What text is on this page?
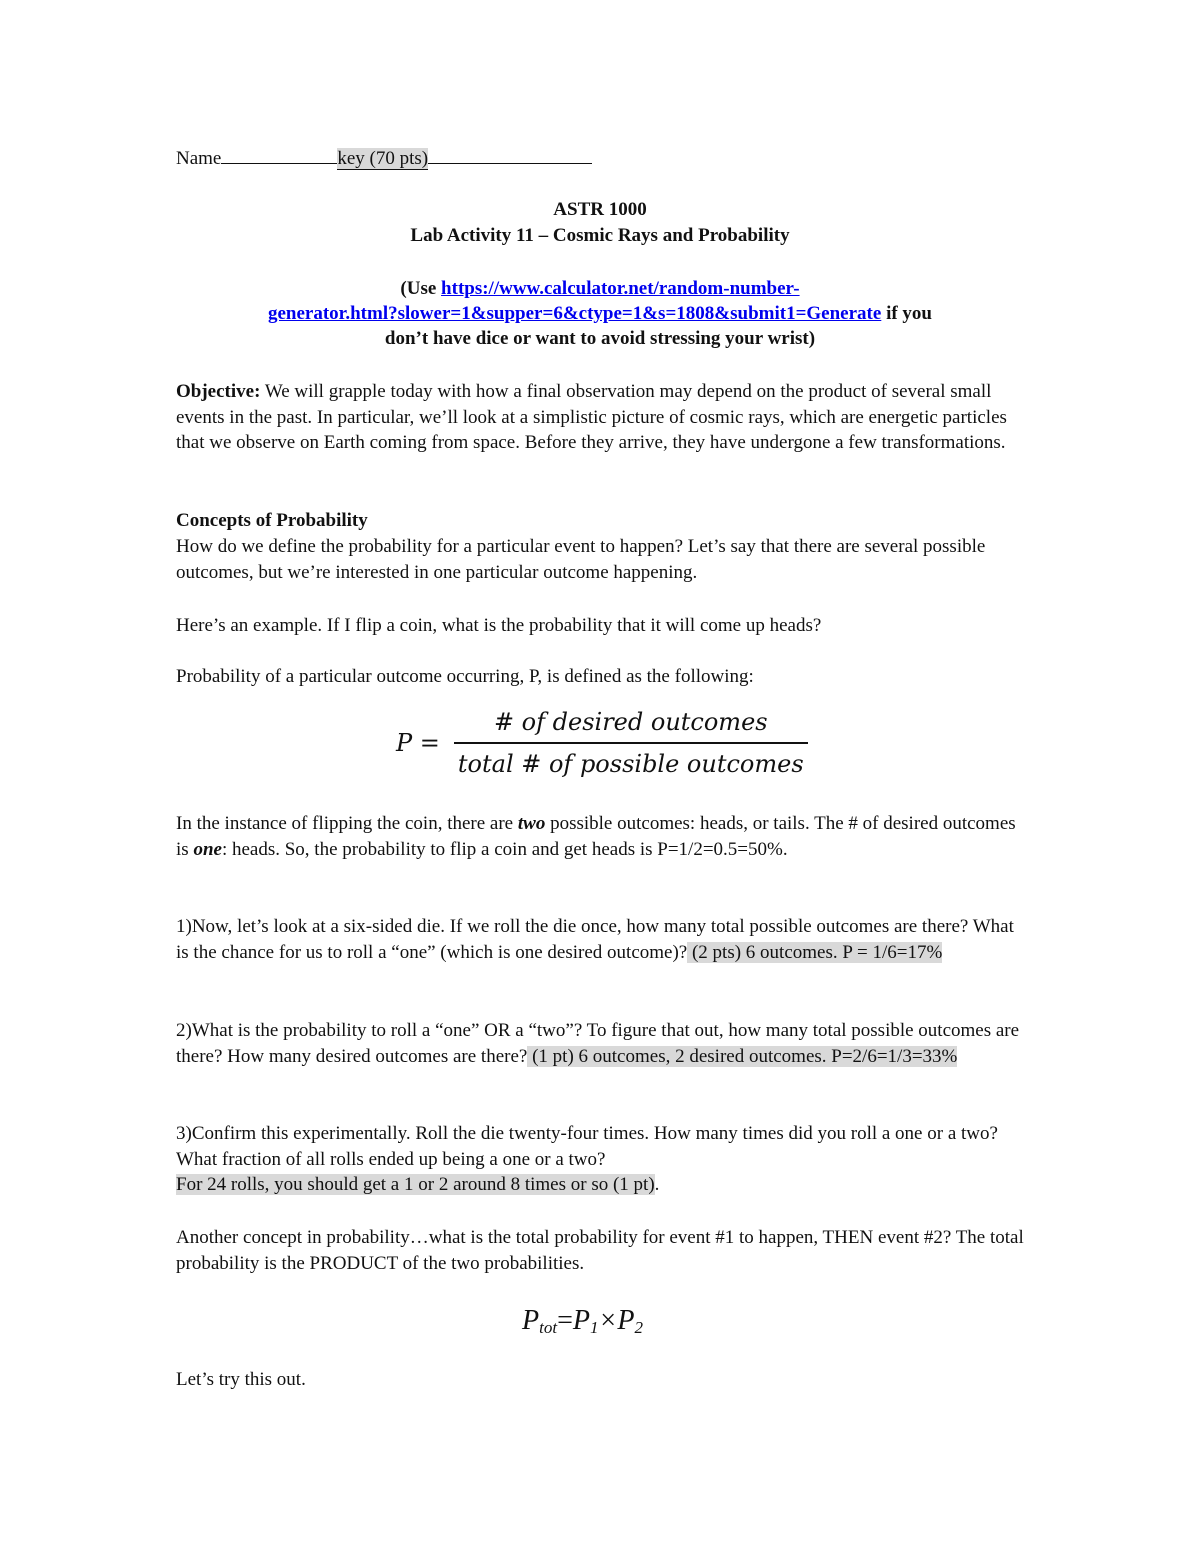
Name	key (70 pts)
ASTR 1000
Lab Activity 11 – Cosmic Rays and Probability
(Use https://www.calculator.net/random-number-
generator.html?slower=1&supper=6&ctype=1&s=1808&submit1=Generate if you
don’t have dice or want to avoid stressing your wrist)
Objective: We will grapple today with how a final observation may depend on the product of several small events in the past. In particular, we’ll look at a simplistic picture of cosmic rays, which are energetic particles that we observe on Earth coming from space. Before they arrive, they have undergone a few transformations.
Concepts of Probability
How do we define the probability for a particular event to happen? Let’s say that there are several possible outcomes, but we’re interested in one particular outcome happening.
Here’s an example. If I flip a coin, what is the probability that it will come up heads?
Probability of a particular outcome occurring, P, is defined as the following:
$P = \frac{\text{\# of desired outcomes}}{\text{total \# of possible outcomes}}$
In the instance of flipping the coin, there are two possible outcomes: heads, or tails. The # of desired outcomes is one: heads. So, the probability to flip a coin and get heads is P=1/2=0.5=50%.
1)Now, let’s look at a six-sided die. If we roll the die once, how many total possible outcomes are there? What is the chance for us to roll a “one” (which is one desired outcome)? (2 pts) 6 outcomes. P = 1/6=17%
2)What is the probability to roll a “one” OR a “two”? To figure that out, how many total possible outcomes are there? How many desired outcomes are there? (1 pt) 6 outcomes, 2 desired outcomes. P=2/6=1/3=33%
3)Confirm this experimentally. Roll the die twenty-four times. How many times did you roll a one or a two? What fraction of all rolls ended up being a one or a two?
For 24 rolls, you should get a 1 or 2 around 8 times or so (1 pt).
Another concept in probability…what is the total probability for event #1 to happen, THEN event #2? The total probability is the PRODUCT of the two probabilities.
$P_{tot}=P_1\times P_2$
Let’s try this out.
